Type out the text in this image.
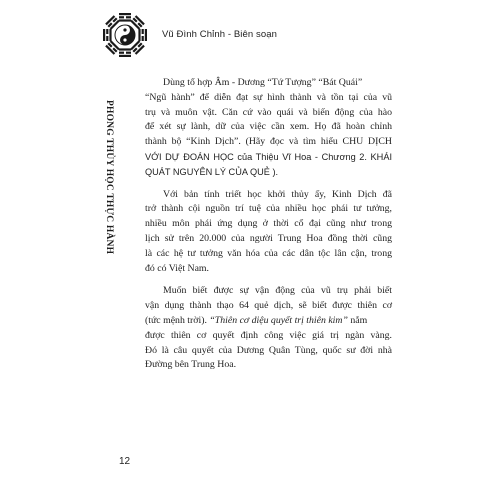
Vũ Đình Chỉnh - Biên soạn
PHONG THỦY HỌC THỰC HÀNH
Dùng tổ hợp Âm - Dương “Tứ Tượng” “Bát Quái”
“Ngũ hành” để diễn đạt sự hình thành và tồn tại của vũ
trụ và muôn vật. Căn cứ vào quái và biến động của hào
để xét sự lành, dữ của việc cần xem. Họ đã hoàn chỉnh
thành bộ “Kinh Dịch”. (Hãy đọc và tìm hiểu CHU DỊCH
VỚI DỰ ĐOÁN HỌC của Thiệu Vĩ Hoa - Chương 2. KHÁI
QUÁT NGUYÊN LÝ CỦA QUẺ ).
Với bản tính triết học khởi thủy ấy, Kinh Dịch đã
trở thành cội nguồn trí tuệ của nhiều học phái tư tưởng,
nhiều môn phái ứng dụng ở thời cổ đại cũng như trong
lịch sử trên 20.000 của người Trung Hoa đồng thời cũng
là các hệ tư tưởng văn hóa của các dân tộc lân cận, trong
đó có Việt Nam.
Muốn biết được sự vận động của vũ trụ phải biết
vận dụng thành thạo 64 quẻ dịch, sẽ biết được thiên cơ
(tức mệnh trời). “Thiên cơ diệu quyết trị thiên kim” nắm
được thiên cơ quyết định công việc giá trị ngàn vàng.
Đó là câu quyết của Dương Quân Tùng, quốc sư đời nhà
Đường bên Trung Hoa.
12
